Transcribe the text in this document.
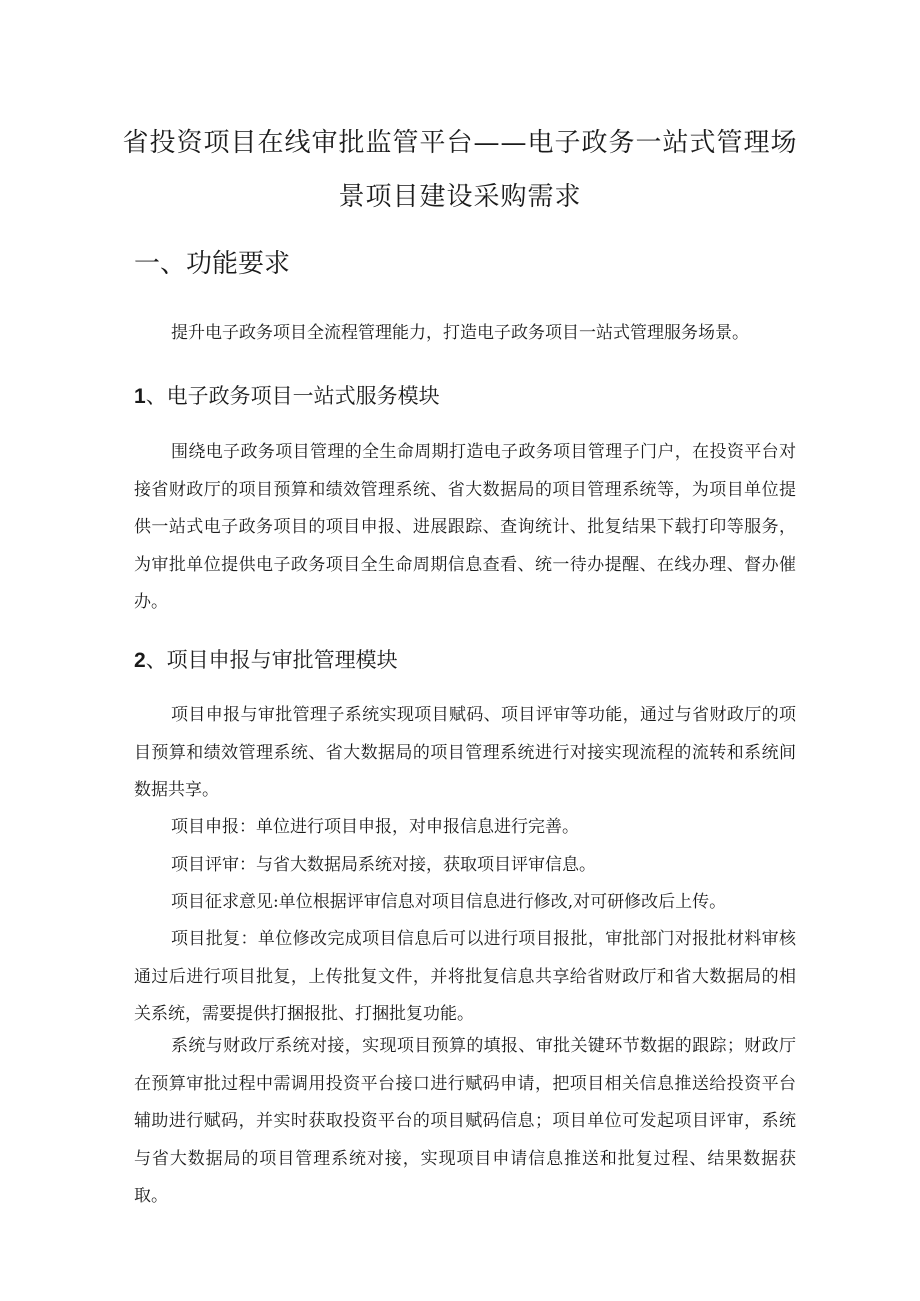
省投资项目在线审批监管平台——电子政务一站式管理场
景项目建设采购需求
一、功能要求
提升电子政务项目全流程管理能力，打造电子政务项目一站式管理服务场景。
1、电子政务项目一站式服务模块
围绕电子政务项目管理的全生命周期打造电子政务项目管理子门户，在投资平台对接省财政厅的项目预算和绩效管理系统、省大数据局的项目管理系统等，为项目单位提供一站式电子政务项目的项目申报、进展跟踪、查询统计、批复结果下载打印等服务，为审批单位提供电子政务项目全生命周期信息查看、统一待办提醒、在线办理、督办催办。
2、项目申报与审批管理模块
项目申报与审批管理子系统实现项目赋码、项目评审等功能，通过与省财政厅的项目预算和绩效管理系统、省大数据局的项目管理系统进行对接实现流程的流转和系统间数据共享。
项目申报：单位进行项目申报，对申报信息进行完善。
项目评审：与省大数据局系统对接，获取项目评审信息。
项目征求意见:单位根据评审信息对项目信息进行修改,对可研修改后上传。
项目批复：单位修改完成项目信息后可以进行项目报批，审批部门对报批材料审核通过后进行项目批复，上传批复文件，并将批复信息共享给省财政厅和省大数据局的相关系统，需要提供打捆报批、打捆批复功能。
系统与财政厅系统对接，实现项目预算的填报、审批关键环节数据的跟踪；财政厅在预算审批过程中需调用投资平台接口进行赋码申请，把项目相关信息推送给投资平台辅助进行赋码，并实时获取投资平台的项目赋码信息；项目单位可发起项目评审，系统与省大数据局的项目管理系统对接，实现项目申请信息推送和批复过程、结果数据获取。
